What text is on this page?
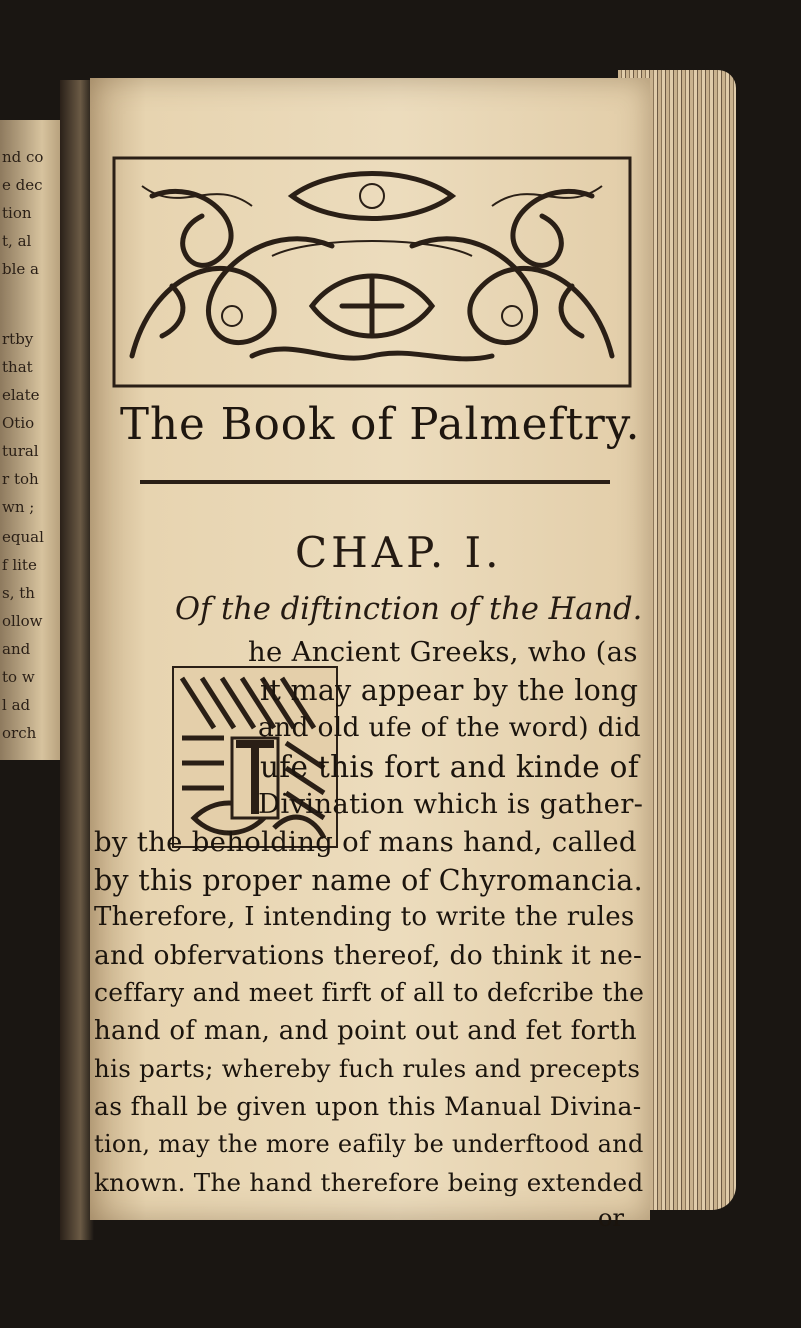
nd co
e dec
tion
t, al
ble a
rtby
that
elate
Otio
tural
r toh
wn ;
equal
f lite
s, th
ollow
and
to w
l ad
orch
The Book of Palmeftry.
CHAP. I.
Of the diftinction of the Hand.
he Ancient Greeks, who (as
it may appear by the long
and old ufe of the word) did
ufe this fort and kinde of
Divination which is gather-
by the beholding of mans hand, called
by this proper name of Chyromancia.
Therefore, I intending to write the rules
and obfervations thereof, do think it ne-
ceffary and meet firft of all to defcribe the
hand of man, and point out and fet forth
his parts; whereby fuch rules and precepts
as fhall be given upon this Manual Divina-
tion, may the more eafily be underftood and
known. The hand therefore being extended
or
